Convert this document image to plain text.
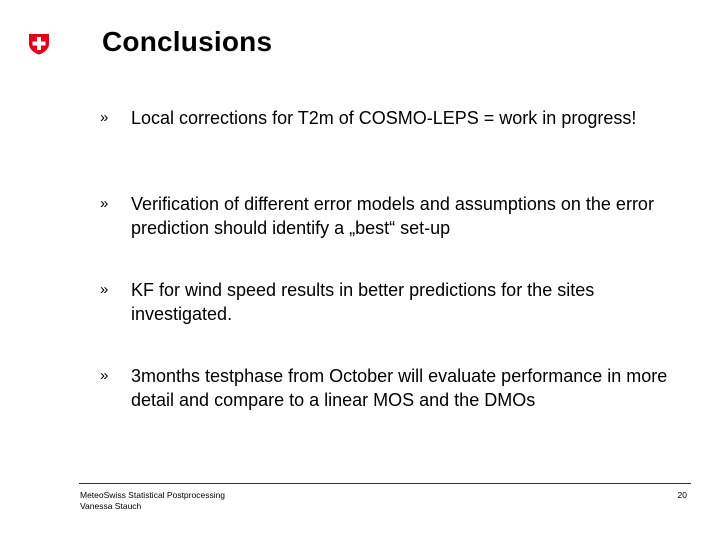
Conclusions
» Local corrections for T2m of COSMO-LEPS = work in progress!
» Verification of different error models and assumptions on the error prediction should identify a „best“ set-up
» KF for wind speed results in better predictions for the sites investigated.
» 3months testphase from October will evaluate performance in more detail and compare to a linear MOS and the DMOs
MeteoSwiss Statistical Postprocessing
Vanessa Stauch
20
